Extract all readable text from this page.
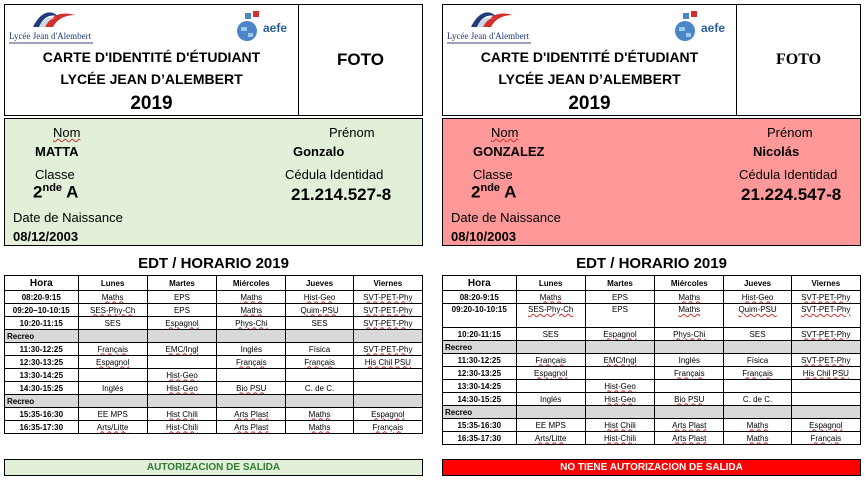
Lycée Jean d'Alembert
aefe
CARTE D'IDENTITÉ D'ÉTUDIANT
LYCÉE JEAN D’ALEMBERT
2019
FOTO
Nom
MATTA
Prénom
Gonzalo
Classe
2nde A
Cédula Identidad
21.214.527-8
Date de Naissance
08/12/2003
EDT / HORARIO 2019
Hora	Lunes	Martes	Miércoles	Jueves	Viernes
08:20-9:15	Maths	EPS	Maths	Hist-Geo	SVT-PET-Phy
09:20–10-10:15	SES-Phy-Ch	EPS	Maths	Quim-PSU	SVT-PET-Phy
10:20-11:15	SES	Espagnol	Phys-Chi	SES	SVT-PET-Phy
Recreo					
11:30-12:25	Français	EMC/Ingl	Inglés	Física	SVT-PET-Phy
12:30-13:25	Espagnol		Français	Français	His Chil PSU
13:30-14:25		Hist-Geo			
14:30-15:25	Inglés	Hist-Geo	Bio PSU	C. de C.	
Recreo					
15:35-16:30	EE MPS	Hist Chili	Arts Plast	Maths	Espagnol
16:35-17:30	Arts/Litte	Hist-Chili	Arts Plast	Maths	Français
AUTORIZACION DE SALIDA
Lycée Jean d'Alembert
aefe
CARTE D'IDENTITÉ D'ÉTUDIANT
LYCÉE JEAN D’ALEMBERT
2019
FOTO
Nom
GONZALEZ
Prénom
Nicolás
Classe
2nde A
Cédula Identidad
21.224.547-8
Date de Naissance
08/10/2003
EDT / HORARIO 2019
Hora	Lunes	Martes	Miércoles	Jueves	Viernes
08:20-9:15	Maths	EPS	Maths	Hist-Geo	SVT-PET-Phy
09:20-10-10:15	SES-Phy-Ch	EPS	Maths	Quim-PSU	SVT-PET-Phy
10:20-11:15	SES	Espagnol	Phys-Chi	SES	SVT-PET-Phy
Recreo					
11:30-12:25	Français	EMC/Ingl	Inglés	Física	SVT-PET-Phy
12:30-13:25	Espagnol		Français	Français	His Chil PSU
13:30-14:25		Hist-Geo			
14:30-15:25	Inglés	Hist-Geo	Bio PSU	C. de C.	
Recreo					
15:35-16:30	EE MPS	Hist Chili	Arts Plast	Maths	Espagnol
16:35-17:30	Arts/Litte	Hist-Chili	Arts Plast	Maths	Français
NO TIENE AUTORIZACION DE SALIDA
